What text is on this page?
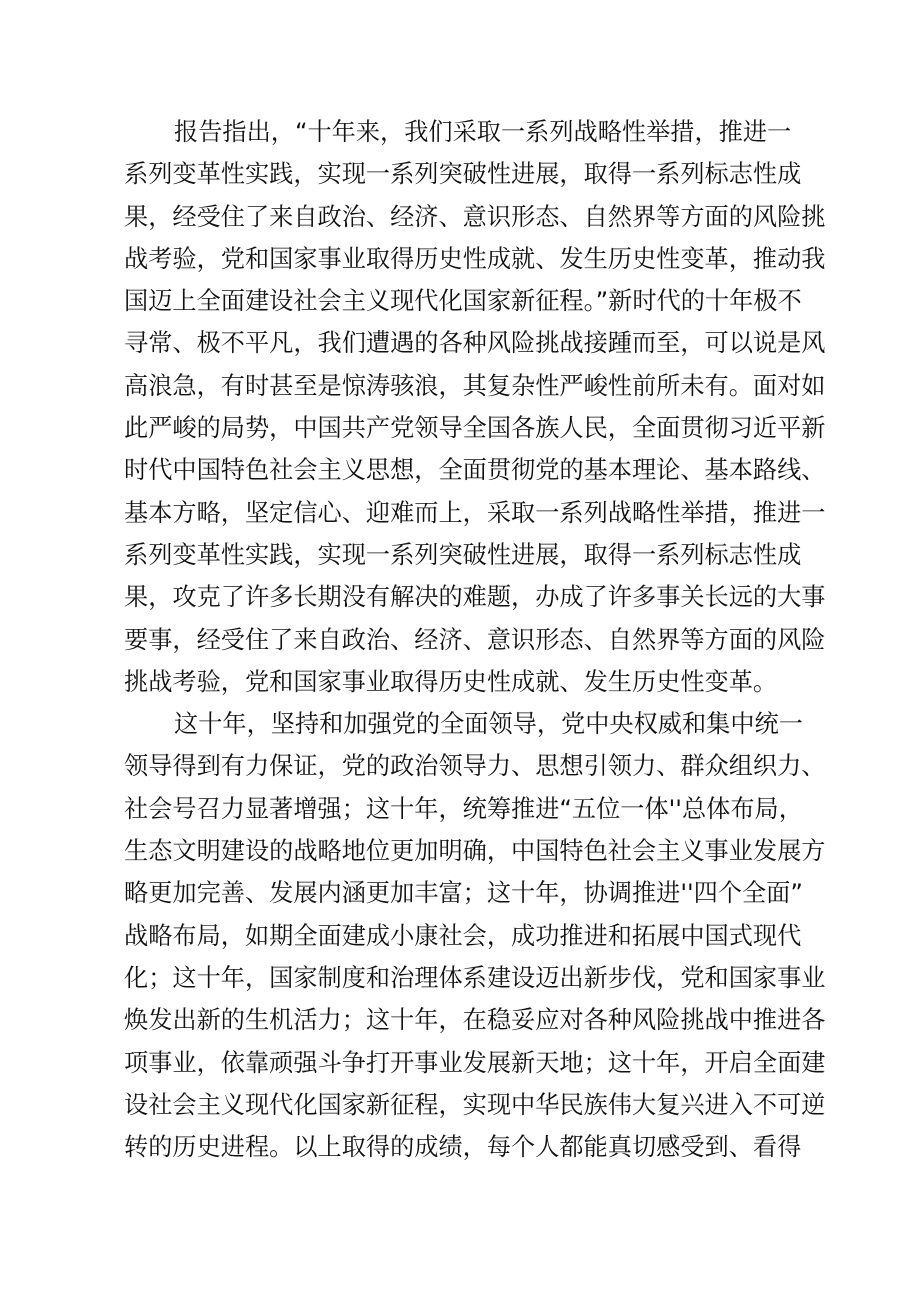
报告指出，“十年来，我们采取一系列战略性举措，推进一
系列变革性实践，实现一系列突破性进展，取得一系列标志性成
果，经受住了来自政治、经济、意识形态、自然界等方面的风险挑
战考验，党和国家事业取得历史性成就、发生历史性变革，推动我
国迈上全面建设社会主义现代化国家新征程。”新时代的十年极不
寻常、极不平凡，我们遭遇的各种风险挑战接踵而至，可以说是风
高浪急，有时甚至是惊涛骇浪，其复杂性严峻性前所未有。面对如
此严峻的局势，中国共产党领导全国各族人民，全面贯彻习近平新
时代中国特色社会主义思想，全面贯彻党的基本理论、基本路线、
基本方略，坚定信心、迎难而上，采取一系列战略性举措，推进一
系列变革性实践，实现一系列突破性进展，取得一系列标志性成
果，攻克了许多长期没有解决的难题，办成了许多事关长远的大事
要事，经受住了来自政治、经济、意识形态、自然界等方面的风险
挑战考验，党和国家事业取得历史性成就、发生历史性变革。
这十年，坚持和加强党的全面领导，党中央权威和集中统一
领导得到有力保证，党的政治领导力、思想引领力、群众组织力、
社会号召力显著增强；这十年，统筹推进“五位一体''总体布局，
生态文明建设的战略地位更加明确，中国特色社会主义事业发展方
略更加完善、发展内涵更加丰富；这十年，协调推进''四个全面”
战略布局，如期全面建成小康社会，成功推进和拓展中国式现代
化；这十年，国家制度和治理体系建设迈出新步伐，党和国家事业
焕发出新的生机活力；这十年，在稳妥应对各种风险挑战中推进各
项事业，依靠顽强斗争打开事业发展新天地；这十年，开启全面建
设社会主义现代化国家新征程，实现中华民族伟大复兴进入不可逆
转的历史进程。以上取得的成绩，每个人都能真切感受到、看得
